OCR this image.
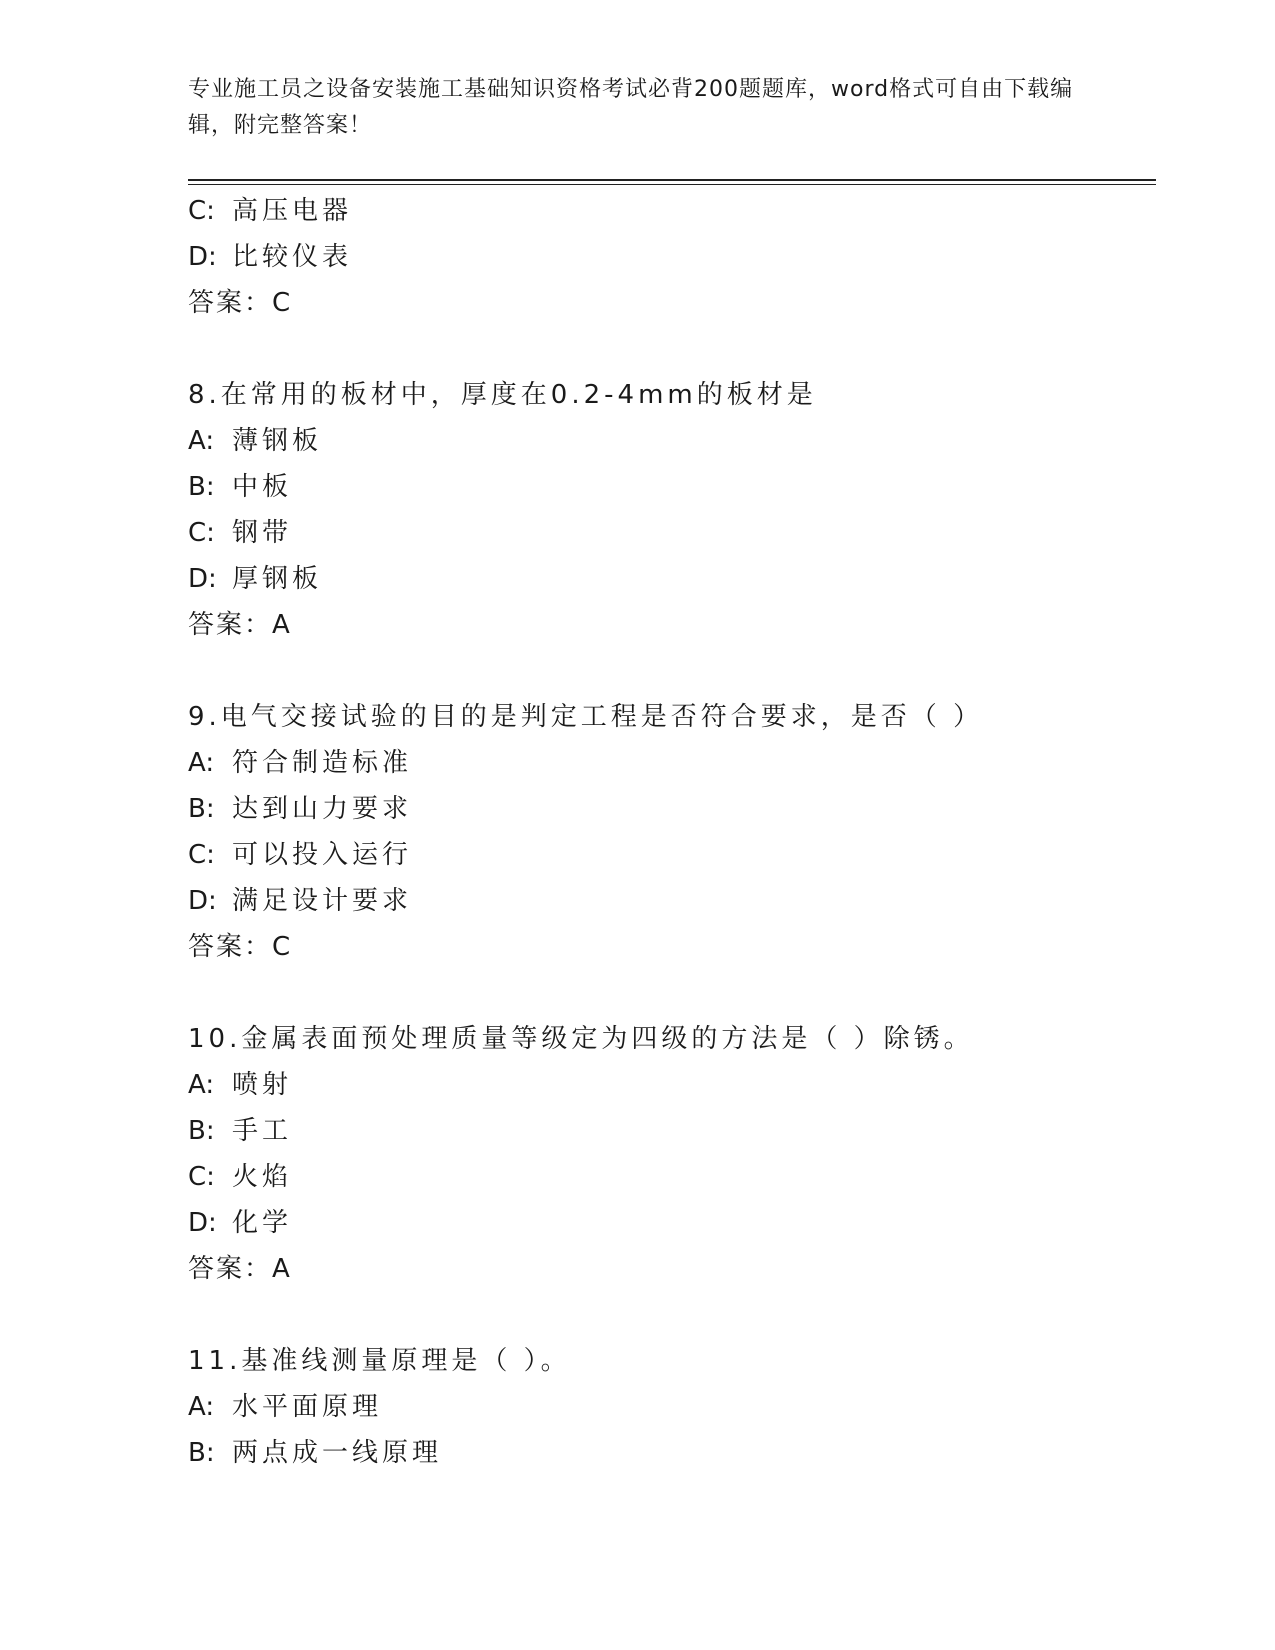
专业施工员之设备安装施工基础知识资格考试必背200题题库，word格式可自由下载编辑，附完整答案！
C: 高压电器
D: 比较仪表
答案：C
8.在常用的板材中，厚度在0.2-4mm的板材是
A: 薄钢板
B: 中板
C: 钢带
D: 厚钢板
答案：A
9.电气交接试验的目的是判定工程是否符合要求，是否（ ）
A: 符合制造标准
B: 达到山力要求
C: 可以投入运行
D: 满足设计要求
答案：C
10.金属表面预处理质量等级定为四级的方法是（ ）除锈。
A: 喷射
B: 手工
C: 火焰
D: 化学
答案：A
11.基准线测量原理是（ ）。
A: 水平面原理
B: 两点成一线原理
